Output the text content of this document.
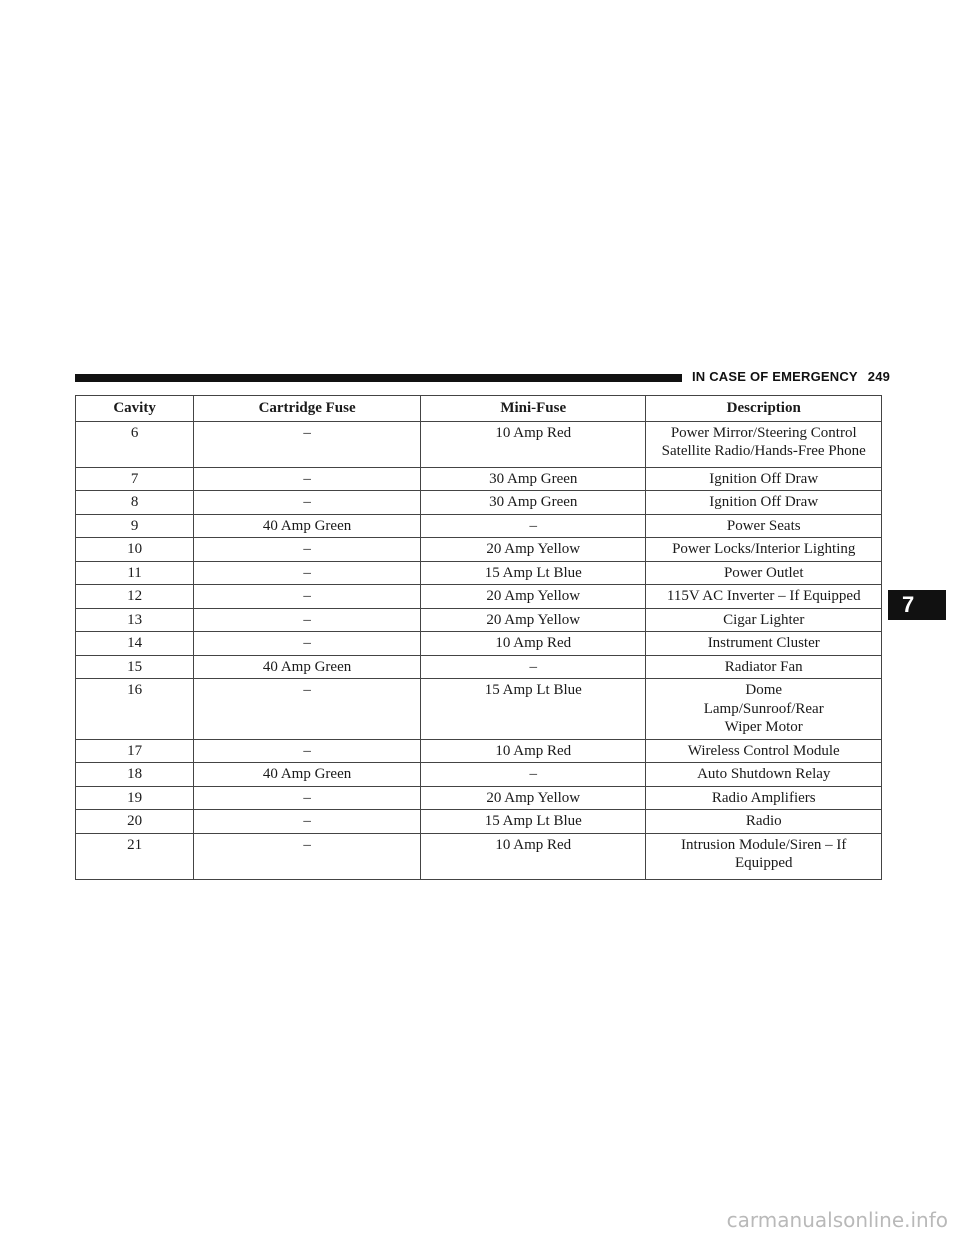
IN CASE OF EMERGENCY 249
Cavity	Cartridge Fuse	Mini-Fuse	Description
6	–	10 Amp Red	Power Mirror/Steering Control Satellite Radio/Hands-Free Phone
7	–	30 Amp Green	Ignition Off Draw
8	–	30 Amp Green	Ignition Off Draw
9	40 Amp Green	–	Power Seats
10	–	20 Amp Yellow	Power Locks/Interior Lighting
11	–	15 Amp Lt Blue	Power Outlet
12	–	20 Amp Yellow	115V AC Inverter – If Equipped
13	–	20 Amp Yellow	Cigar Lighter
14	–	10 Amp Red	Instrument Cluster
15	40 Amp Green	–	Radiator Fan
16	–	15 Amp Lt Blue	Dome Lamp/Sunroof/Rear Wiper Motor
17	–	10 Amp Red	Wireless Control Module
18	40 Amp Green	–	Auto Shutdown Relay
19	–	20 Amp Yellow	Radio Amplifiers
20	–	15 Amp Lt Blue	Radio
21	–	10 Amp Red	Intrusion Module/Siren – If Equipped
7
carmanualsonline.info
